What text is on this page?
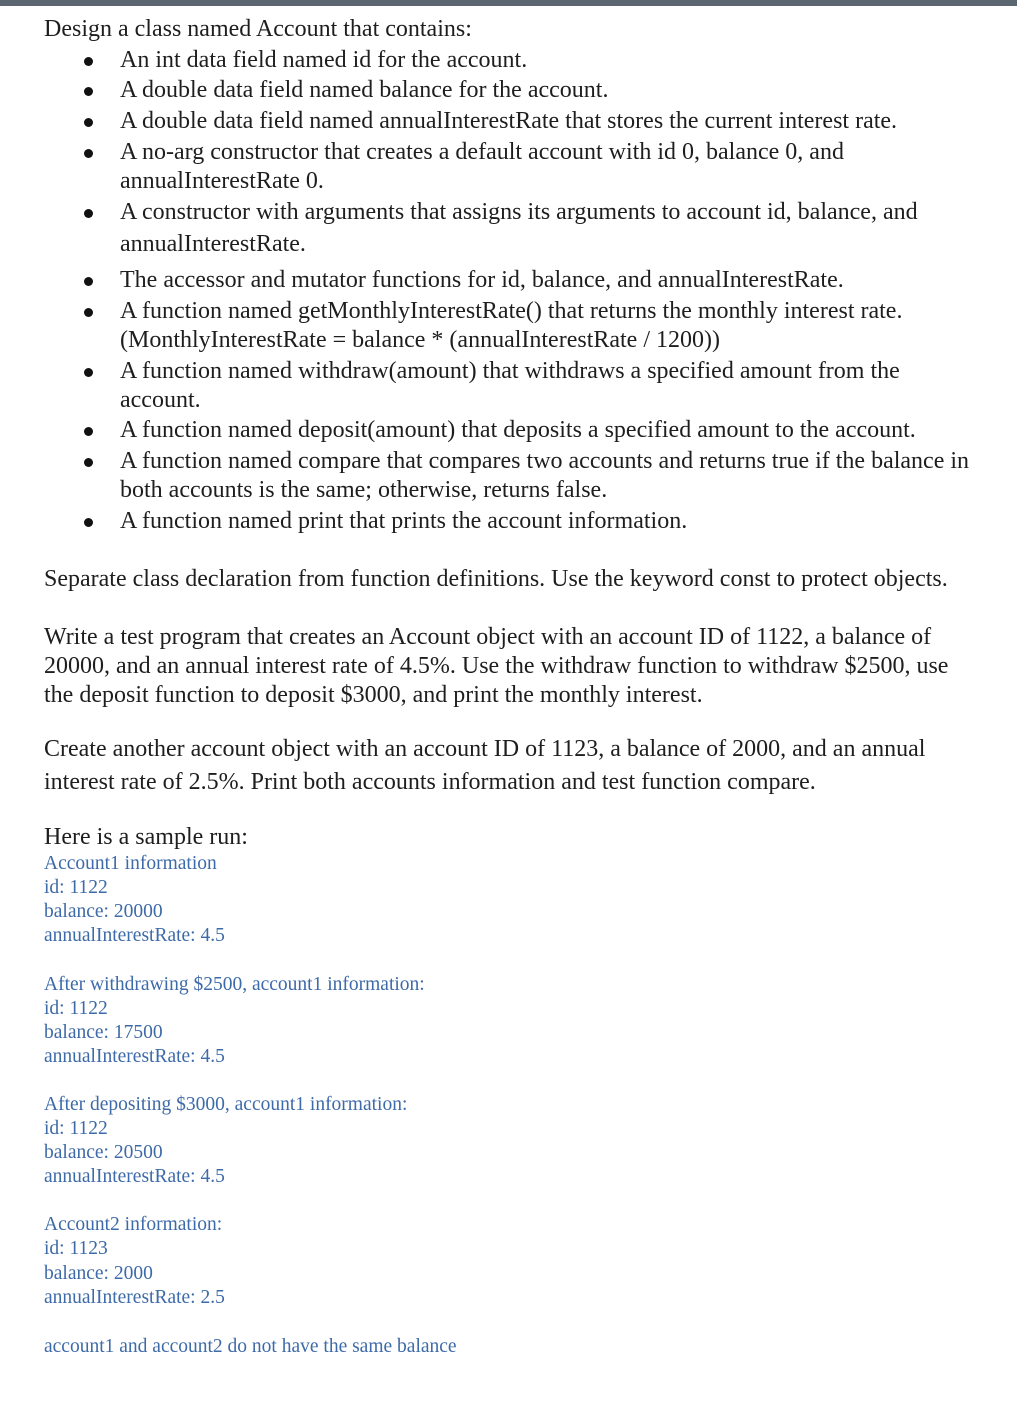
Design a class named Account that contains:
An int data field named id for the account.
A double data field named balance for the account.
A double data field named annualInterestRate that stores the current interest rate.
A no-arg constructor that creates a default account with id 0, balance 0, and
annualInterestRate 0.
A constructor with arguments that assigns its arguments to account id, balance, and
annualInterestRate.
The accessor and mutator functions for id, balance, and annualInterestRate.
A function named getMonthlyInterestRate() that returns the monthly interest rate.
(MonthlyInterestRate = balance * (annualInterestRate / 1200))
A function named withdraw(amount) that withdraws a specified amount from the
account.
A function named deposit(amount) that deposits a specified amount to the account.
A function named compare that compares two accounts and returns true if the balance in
both accounts is the same; otherwise, returns false.
A function named print that prints the account information.
Separate class declaration from function definitions. Use the keyword const to protect objects.
Write a test program that creates an Account object with an account ID of 1122, a balance of
20000, and an annual interest rate of 4.5%. Use the withdraw function to withdraw $2500, use
the deposit function to deposit $3000, and print the monthly interest.
Create another account object with an account ID of 1123, a balance of 2000, and an annual
interest rate of 2.5%. Print both accounts information and test function compare.
Here is a sample run:
Account1 information
id: 1122
balance: 20000
annualInterestRate: 4.5
After withdrawing $2500, account1 information:
id: 1122
balance: 17500
annualInterestRate: 4.5
After depositing $3000, account1 information:
id: 1122
balance: 20500
annualInterestRate: 4.5
Account2 information:
id: 1123
balance: 2000
annualInterestRate: 2.5
account1 and account2 do not have the same balance
